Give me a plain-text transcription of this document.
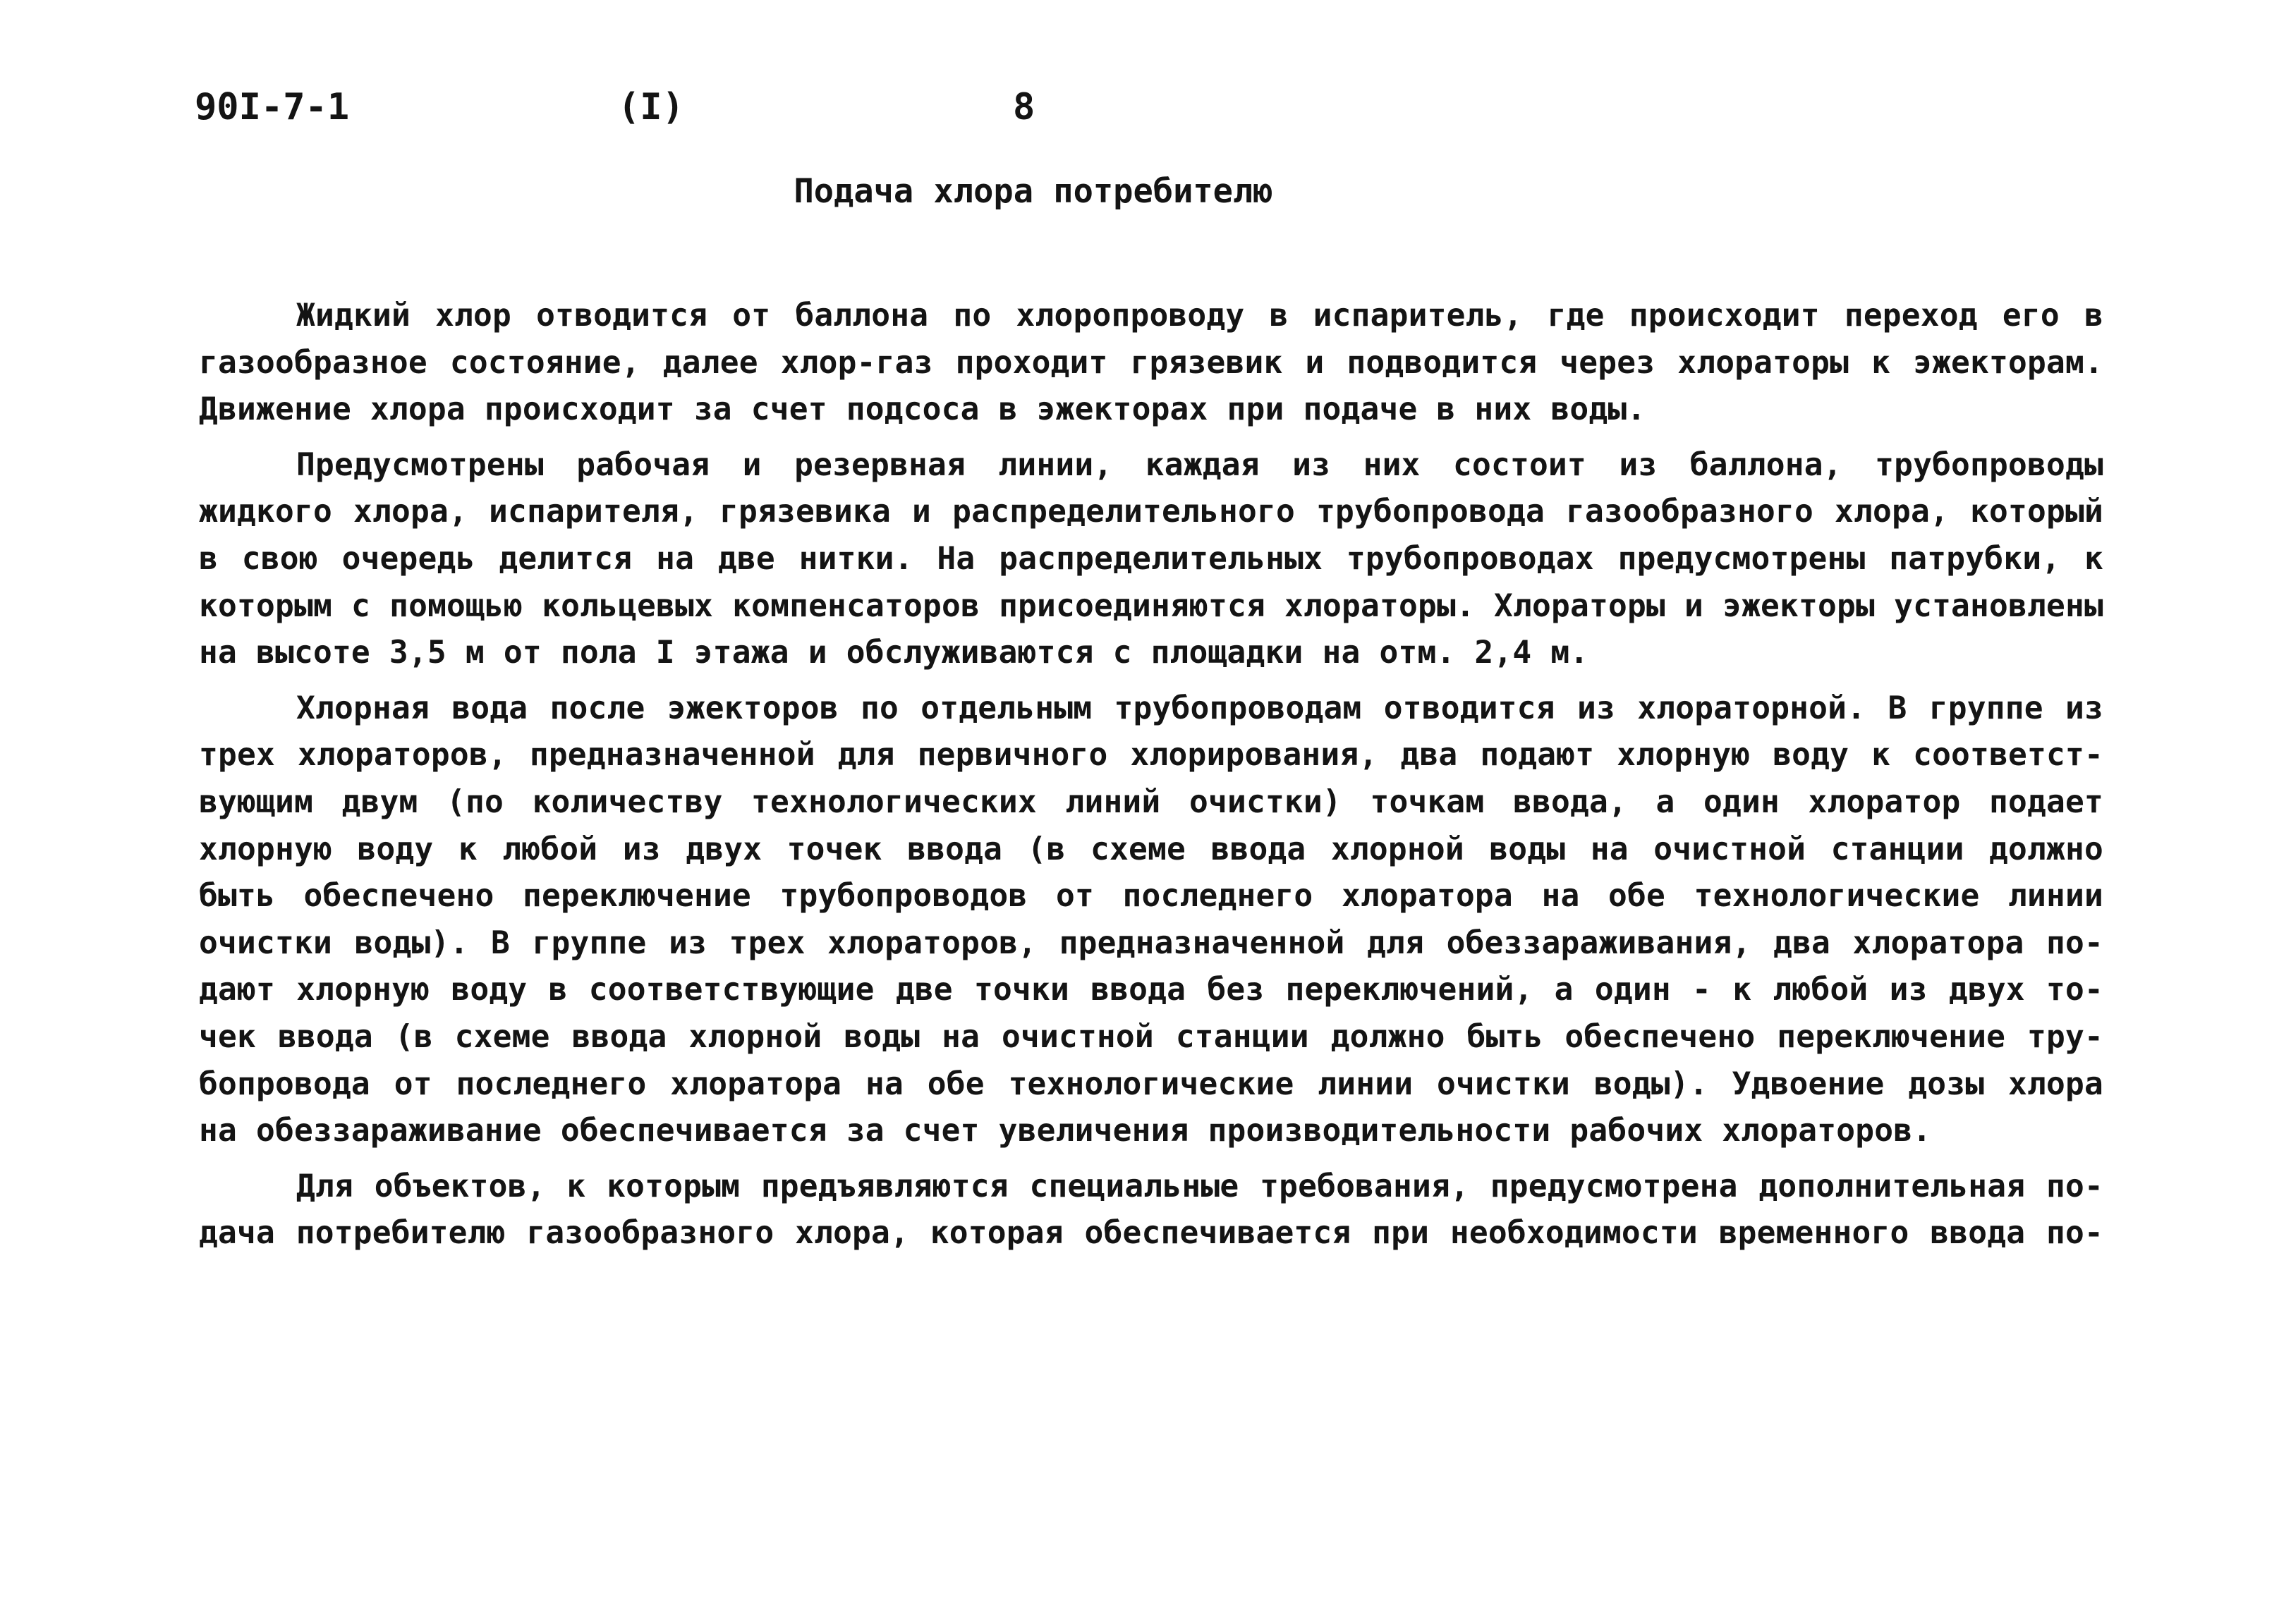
90I-7-1	(I)	8
Подача хлора потребителю
Жидкий хлор отводится от баллона по хлоропроводу в испаритель, где происходит переход его в
газообразное состояние, далее хлор-газ проходит грязевик и подводится через хлораторы к эжекторам.
Движение хлора происходит за счет подсоса в эжекторах при подаче в них воды.
Предусмотрены рабочая и резервная линии, каждая из них состоит из баллона, трубопроводы
жидкого хлора, испарителя, грязевика и распределительного трубопровода газообразного хлора, который
в свою очередь делится на две нитки. На распределительных трубопроводах предусмотрены патрубки, к
которым с помощью кольцевых компенсаторов присоединяются хлораторы. Хлораторы и эжекторы установлены
на высоте 3,5 м от пола I этажа и обслуживаются с площадки на отм. 2,4 м.
Хлорная вода после эжекторов по отдельным трубопроводам отводится из хлораторной. В группе из
трех хлораторов, предназначенной для первичного хлорирования, два подают хлорную воду к соответст-
вующим двум (по количеству технологических линий очистки) точкам ввода, а один хлоратор подает
хлорную воду к любой из двух точек ввода (в схеме ввода хлорной воды на очистной станции должно
быть обеспечено переключение трубопроводов от последнего хлоратора на обе технологические линии
очистки воды). В группе из трех хлораторов, предназначенной для обеззараживания, два хлоратора по-
дают хлорную воду в соответствующие две точки ввода без переключений, а один - к любой из двух то-
чек ввода (в схеме ввода хлорной воды на очистной станции должно быть обеспечено переключение тру-
бопровода от последнего хлоратора на обе технологические линии очистки воды). Удвоение дозы хлора
на обеззараживание обеспечивается за счет увеличения производительности рабочих хлораторов.
Для объектов, к которым предъявляются специальные требования, предусмотрена дополнительная по-
дача потребителю газообразного хлора, которая обеспечивается при необходимости временного ввода по-
